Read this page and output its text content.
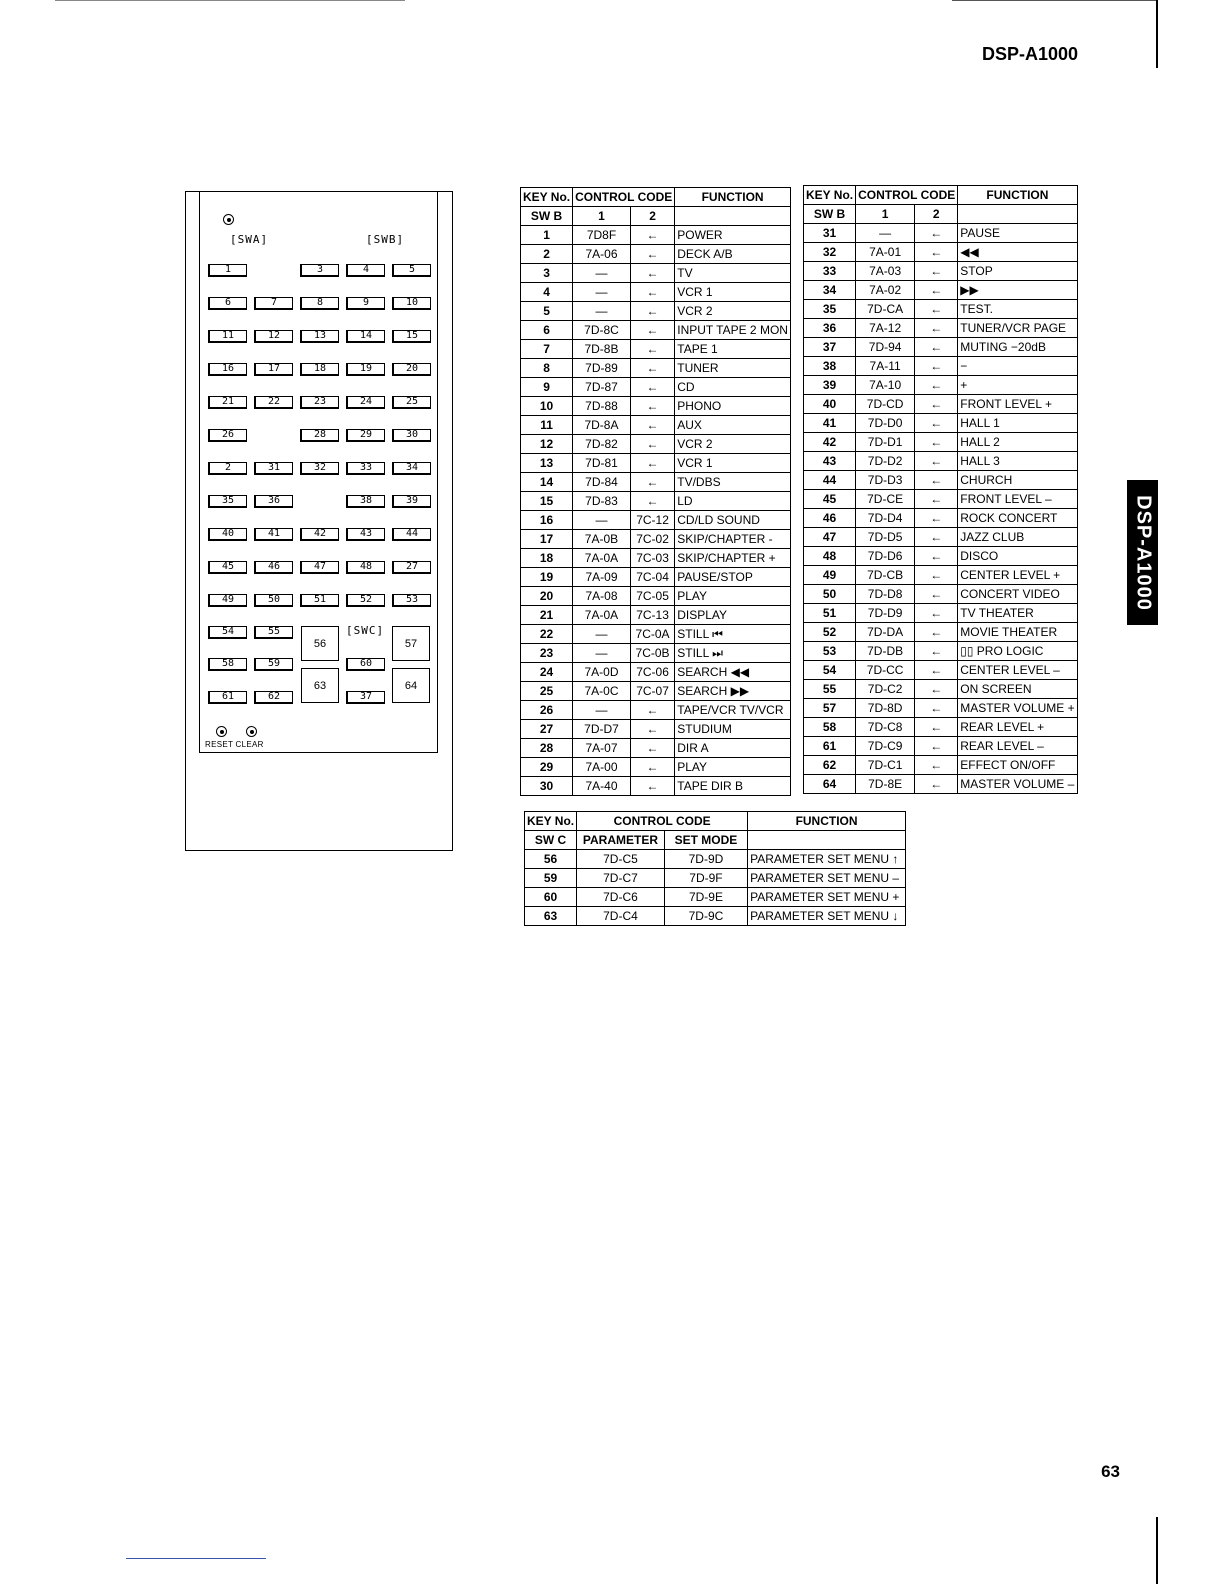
DSP-A1000
63
DSP-A1000
[SWA]	[SWB]
[SWC]
RESET CLEAR
1	3	4	5
6	7	8	9	10
11	12	13	14	15
16	17	18	19	20
21	22	23	24	25
26	28	29	30
2	31	32	33	34
35	36	38	39
40	41	42	43	44
45	46	47	48	27
49	50	51	52	53
54	55
58	59
61	62
56	57
63	64
60
37
KEY No.	CONTROL CODE		FUNCTION
SW B	1	2	
1	7D8F	←	POWER
2	7A-06	←	DECK A/B
3	—	←	TV
4	—	←	VCR 1
5	—	←	VCR 2
6	7D-8C	←	INPUT TAPE 2 MON
7	7D-8B	←	TAPE 1
8	7D-89	←	TUNER
9	7D-87	←	CD
10	7D-88	←	PHONO
11	7D-8A	←	AUX
12	7D-82	←	VCR 2
13	7D-81	←	VCR 1
14	7D-84	←	TV/DBS
15	7D-83	←	LD
16	—	7C-12	CD/LD SOUND
17	7A-0B	7C-02	SKIP/CHAPTER -
18	7A-0A	7C-03	SKIP/CHAPTER +
19	7A-09	7C-04	PAUSE/STOP
20	7A-08	7C-05	PLAY
21	7A-0A	7C-13	DISPLAY
22	—	7C-0A	STILL ⏮
23	—	7C-0B	STILL ⏭
24	7A-0D	7C-06	SEARCH ◀◀
25	7A-0C	7C-07	SEARCH ▶▶
26	—	←	TAPE/VCR TV/VCR
27	7D-D7	←	STUDIUM
28	7A-07	←	DIR A
29	7A-00	←	PLAY
30	7A-40	←	TAPE DIR B
KEY No.	CONTROL CODE		FUNCTION
SW B	1	2	
31	—	←	PAUSE
32	7A-01	←	◀◀
33	7A-03	←	STOP
34	7A-02	←	▶▶
35	7D-CA	←	TEST.
36	7A-12	←	TUNER/VCR PAGE
37	7D-94	←	MUTING −20dB
38	7A-11	←	−
39	7A-10	←	+
40	7D-CD	←	FRONT LEVEL +
41	7D-D0	←	HALL 1
42	7D-D1	←	HALL 2
43	7D-D2	←	HALL 3
44	7D-D3	←	CHURCH
45	7D-CE	←	FRONT LEVEL –
46	7D-D4	←	ROCK CONCERT
47	7D-D5	←	JAZZ CLUB
48	7D-D6	←	DISCO
49	7D-CB	←	CENTER LEVEL +
50	7D-D8	←	CONCERT VIDEO
51	7D-D9	←	TV THEATER
52	7D-DA	←	MOVIE THEATER
53	7D-DB	←	▯▯ PRO LOGIC
54	7D-CC	←	CENTER LEVEL –
55	7D-C2	←	ON SCREEN
57	7D-8D	←	MASTER VOLUME +
58	7D-C8	←	REAR LEVEL +
61	7D-C9	←	REAR LEVEL –
62	7D-C1	←	EFFECT ON/OFF
64	7D-8E	←	MASTER VOLUME –
KEY No.	CONTROL CODE		FUNCTION
SW C	PARAMETER	SET MODE	
56	7D-C5	7D-9D	PARAMETER SET MENU ↑
59	7D-C7	7D-9F	PARAMETER SET MENU –
60	7D-C6	7D-9E	PARAMETER SET MENU +
63	7D-C4	7D-9C	PARAMETER SET MENU ↓
